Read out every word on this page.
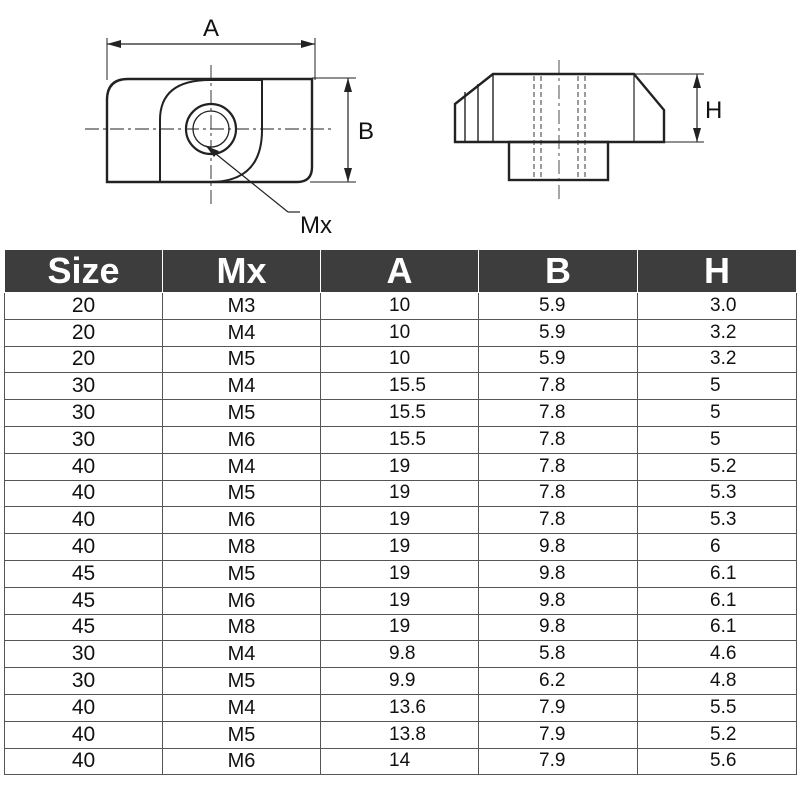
A
B
H
Mx
Size	Mx	A	B	H
20	M3	10	5.9	3.0
20	M4	10	5.9	3.2
20	M5	10	5.9	3.2
30	M4	15.5	7.8	5
30	M5	15.5	7.8	5
30	M6	15.5	7.8	5
40	M4	19	7.8	5.2
40	M5	19	7.8	5.3
40	M6	19	7.8	5.3
40	M8	19	9.8	6
45	M5	19	9.8	6.1
45	M6	19	9.8	6.1
45	M8	19	9.8	6.1
30	M4	9.8	5.8	4.6
30	M5	9.9	6.2	4.8
40	M4	13.6	7.9	5.5
40	M5	13.8	7.9	5.2
40	M6	14	7.9	5.6
